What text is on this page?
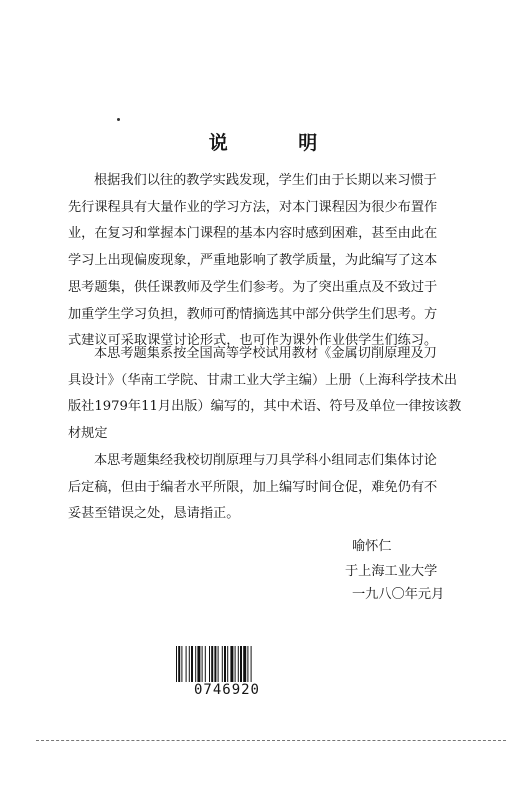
说 明
根据我们以往的教学实践发现，学生们由于长期以来习惯于
先行课程具有大量作业的学习方法，对本门课程因为很少布置作
业，在复习和掌握本门课程的基本内容时感到困难，甚至由此在
学习上出现偏废现象，严重地影响了教学质量，为此编写了这本
思考题集，供任课教师及学生们参考。为了突出重点及不致过于
加重学生学习负担，教师可酌情摘选其中部分供学生们思考。方
式建议可采取课堂讨论形式，也可作为课外作业供学生们练习。
本思考题集系按全国高等学校试用教材《金属切削原理及刀
具设计》（华南工学院、甘肃工业大学主编）上册（上海科学技术出
版社1979年11月出版）编写的，其中术语、符号及单位一律按该教
材规定
本思考题集经我校切削原理与刀具学科小组同志们集体讨论
后定稿，但由于编者水平所限，加上编写时间仓促，难免仍有不
妥甚至错误之处，恳请指正。
喻怀仁
于上海工业大学
一九八〇年元月
0746920
